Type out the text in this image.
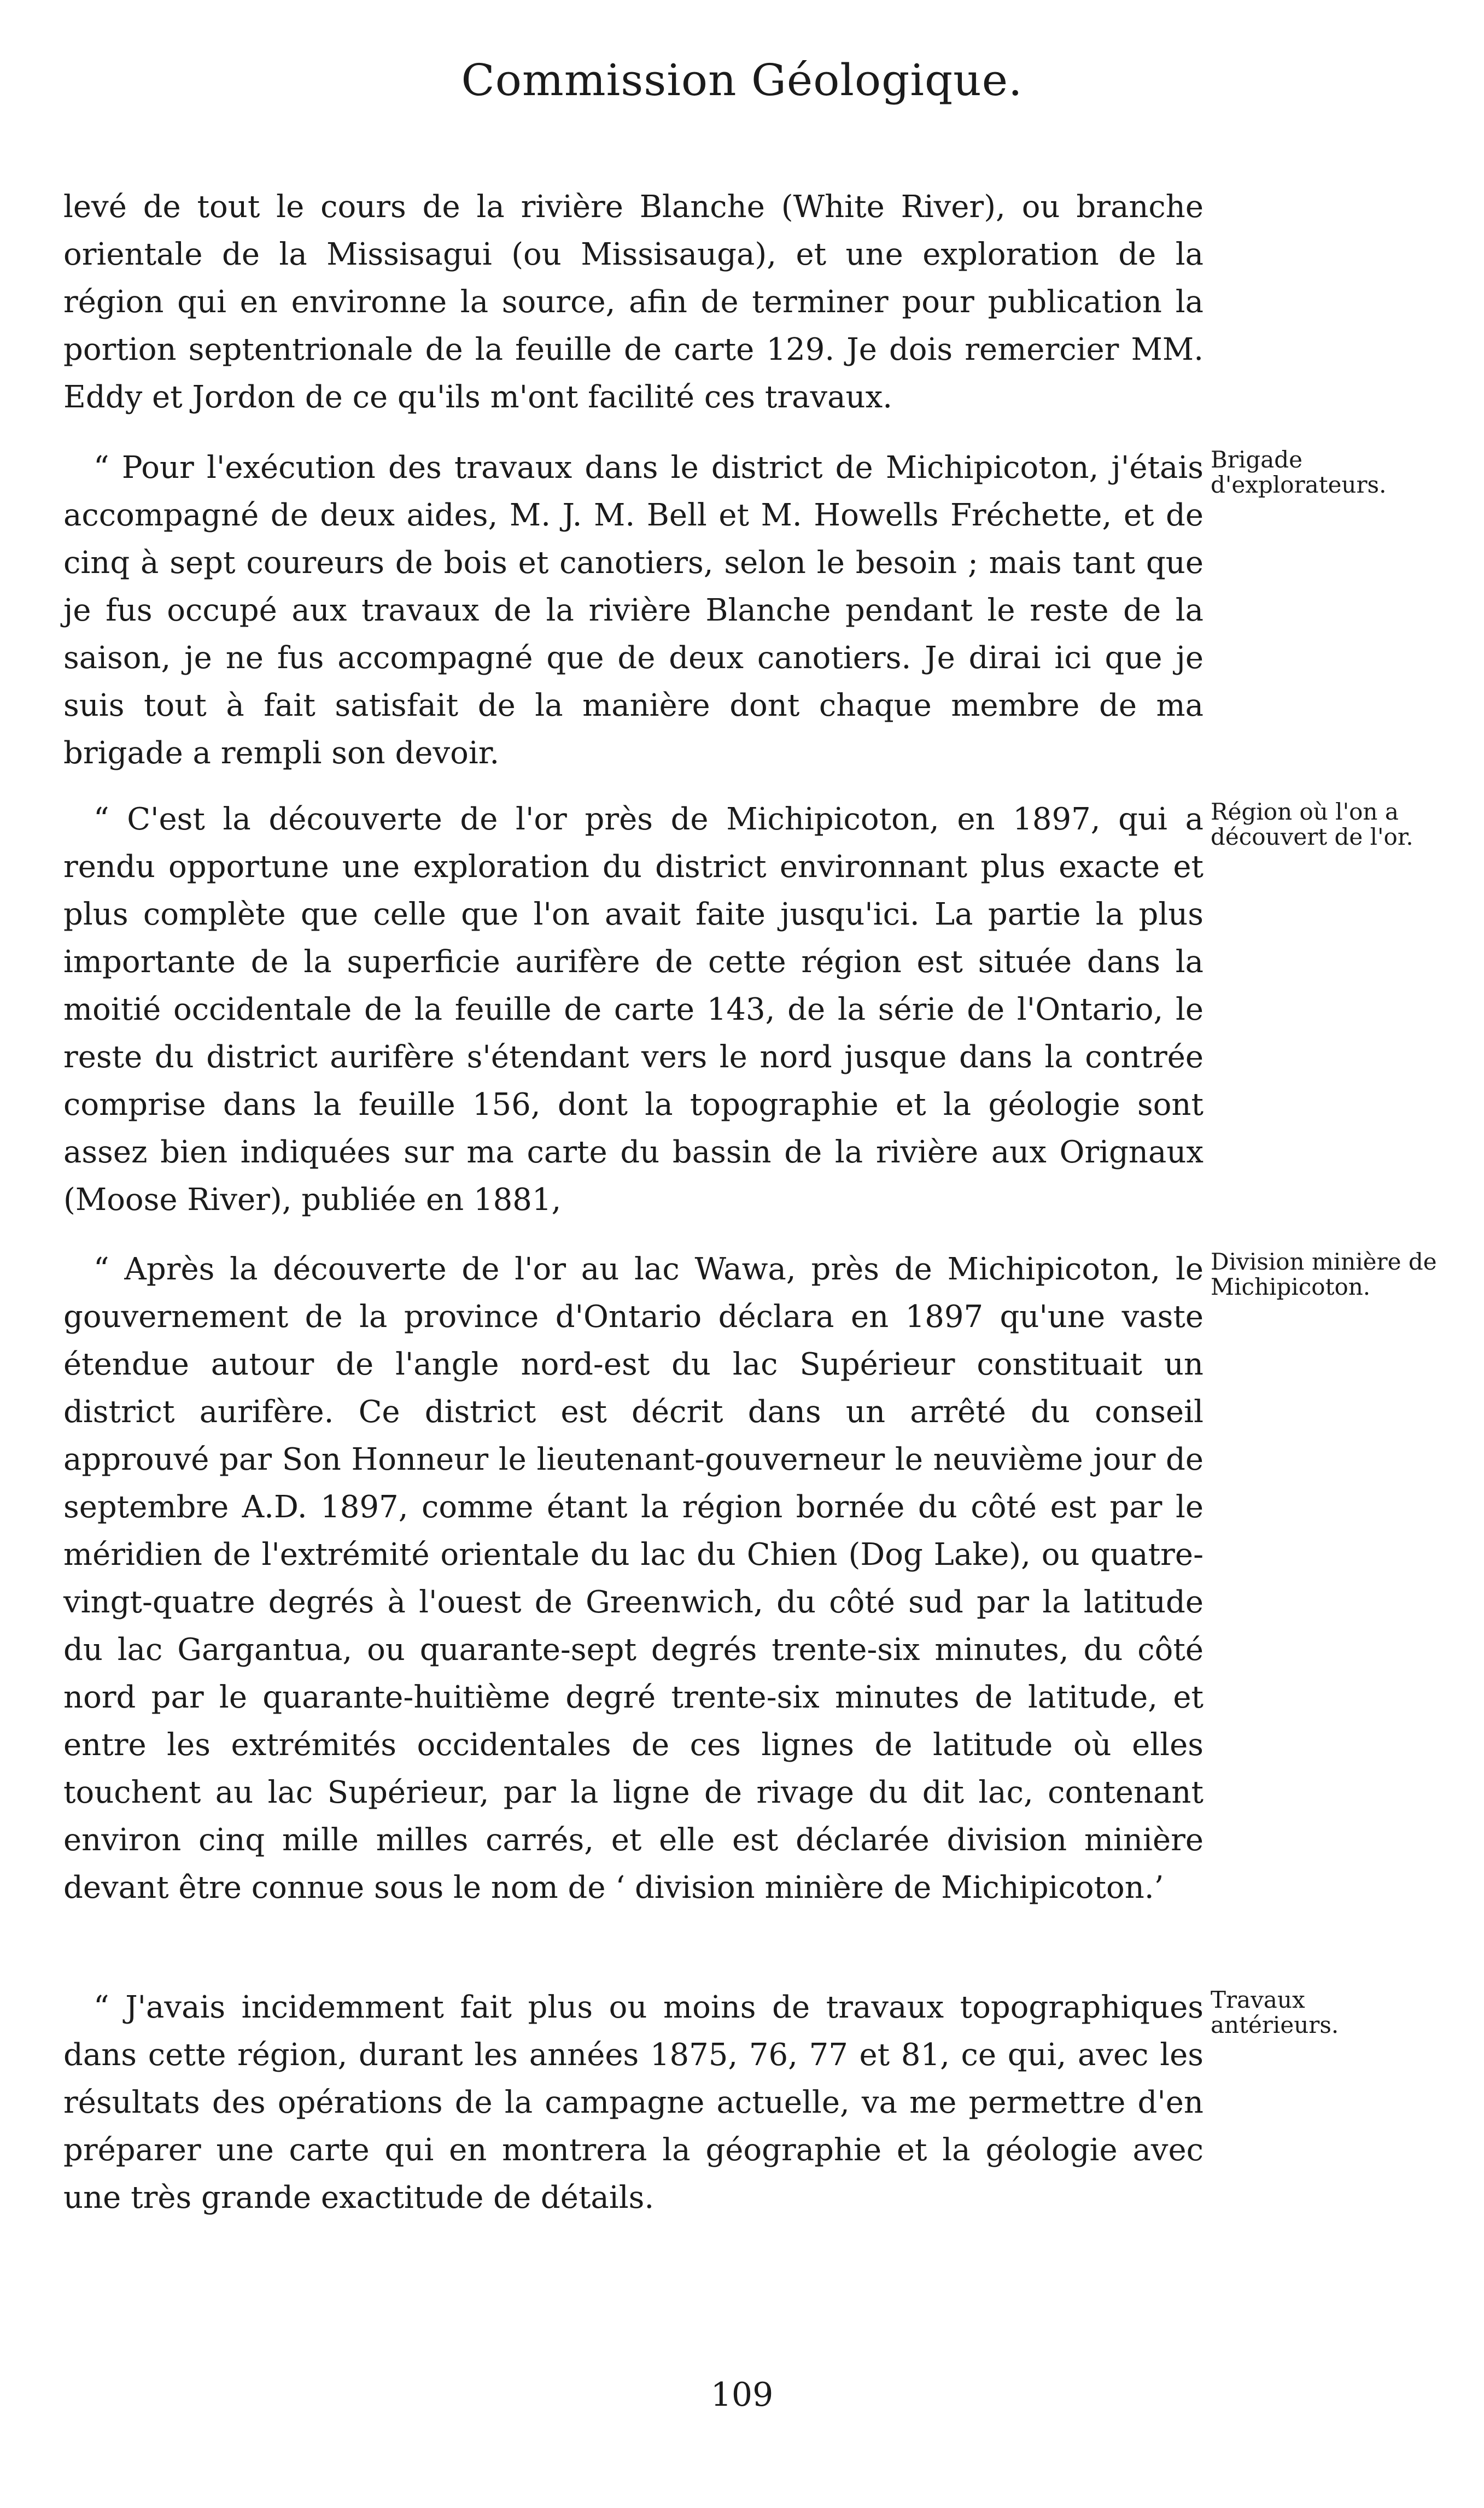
Commission Géologique.

levé de tout le cours de la rivière Blanche (White River), ou branche orientale de la Missisagui (ou Missisauga), et une exploration de la région qui en environne la source, afin de terminer pour publication la portion septentrionale de la feuille de carte 129. Je dois remercier MM. Eddy et Jordon de ce qu'ils m'ont facilité ces travaux.

“ Pour l'exécution des travaux dans le district de Michipicoton, j'étais accompagné de deux aides, M. J. M. Bell et M. Howells Fréchette, et de cinq à sept coureurs de bois et canotiers, selon le besoin ; mais tant que je fus occupé aux travaux de la rivière Blanche pendant le reste de la saison, je ne fus accompagné que de deux canotiers. Je dirai ici que je suis tout à fait satisfait de la manière dont chaque membre de ma brigade a rempli son devoir.

Brigade d'explorateurs.

“ C'est la découverte de l'or près de Michipicoton, en 1897, qui a rendu opportune une exploration du district environnant plus exacte et plus complète que celle que l'on avait faite jusqu'ici. La partie la plus importante de la superficie aurifère de cette région est située dans la moitié occidentale de la feuille de carte 143, de la série de l'Ontario, le reste du district aurifère s'étendant vers le nord jusque dans la contrée comprise dans la feuille 156, dont la topographie et la géologie sont assez bien indiquées sur ma carte du bassin de la rivière aux Orignaux (Moose River), publiée en 1881,

Région où l'on a découvert de l'or.

“ Après la découverte de l'or au lac Wawa, près de Michipicoton, le gouvernement de la province d'Ontario déclara en 1897 qu'une vaste étendue autour de l'angle nord-est du lac Supérieur constituait un district aurifère. Ce district est décrit dans un arrêté du conseil approuvé par Son Honneur le lieutenant-gouverneur le neuvième jour de septembre A.D. 1897, comme étant la région bornée du côté est par le méridien de l'extrémité orientale du lac du Chien (Dog Lake), ou quatre-vingt-quatre degrés à l'ouest de Greenwich, du côté sud par la latitude du lac Gargantua, ou quarante-sept degrés trente-six minutes, du côté nord par le quarante-huitième degré trente-six minutes de latitude, et entre les extrémités occidentales de ces lignes de latitude où elles touchent au lac Supérieur, par la ligne de rivage du dit lac, contenant environ cinq mille milles carrés, et elle est déclarée division minière devant être connue sous le nom de ‘ division minière de Michipicoton.’

Division minière de Michipicoton.

“ J'avais incidemment fait plus ou moins de travaux topographiques dans cette région, durant les années 1875, 76, 77 et 81, ce qui, avec les résultats des opérations de la campagne actuelle, va me permettre d'en préparer une carte qui en montrera la géographie et la géologie avec une très grande exactitude de détails.

Travaux antérieurs.

109
